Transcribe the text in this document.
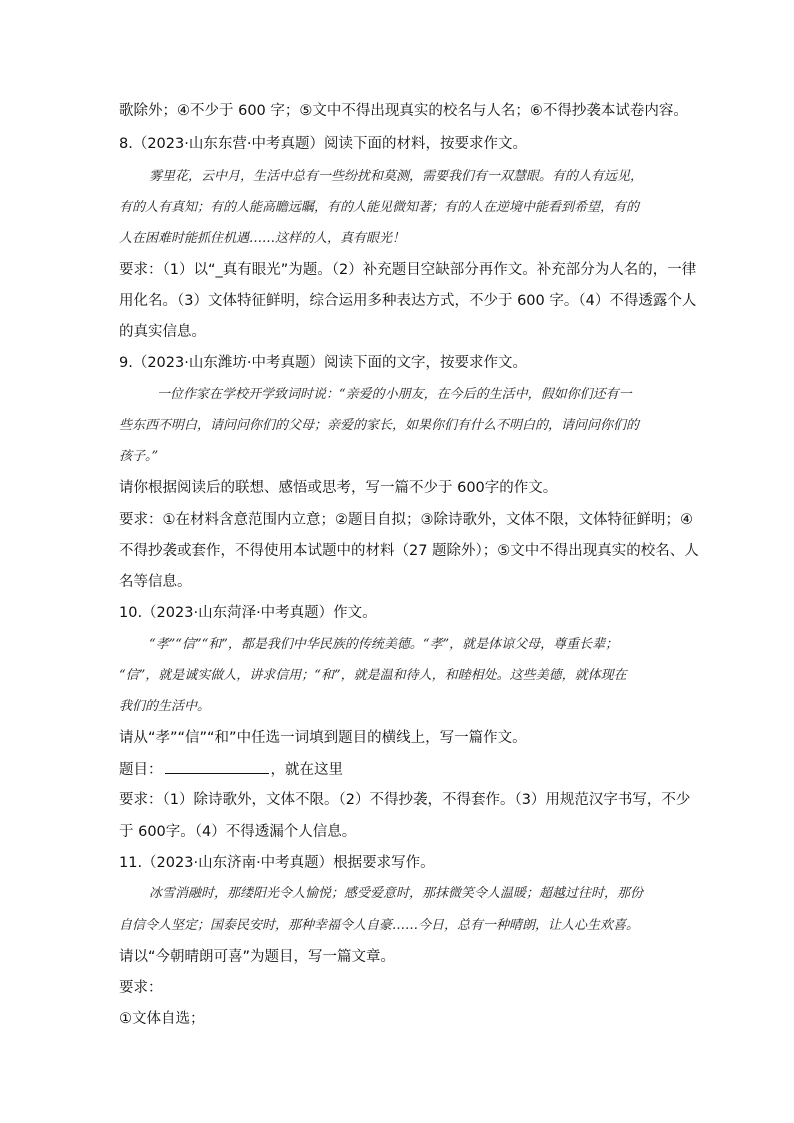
歌除外；④不少于 600 字；⑤文中不得出现真实的校名与人名；⑥不得抄袭本试卷内容。
8.（2023·山东东营·中考真题）阅读下面的材料，按要求作文。
雾里花，云中月，生活中总有一些纷扰和莫测，需要我们有一双慧眼。有的人有远见，
有的人有真知；有的人能高瞻远瞩，有的人能见微知著；有的人在逆境中能看到希望，有的
人在困难时能抓住机遇……这样的人，真有眼光！
要求：（1）以“_真有眼光”为题。（2）补充题目空缺部分再作文。补充部分为人名的，一律
用化名。（3）文体特征鲜明，综合运用多种表达方式，不少于 600 字。（4）不得透露个人
的真实信息。
9.（2023·山东潍坊·中考真题）阅读下面的文字，按要求作文。
一位作家在学校开学致词时说：“亲爱的小朋友，在今后的生活中，假如你们还有一
些东西不明白，请问问你们的父母；亲爱的家长，如果你们有什么不明白的，请问问你们的
孩子。”
请你根据阅读后的联想、感悟或思考，写一篇不少于 600字的作文。
要求：①在材料含意范围内立意；②题目自拟；③除诗歌外，文体不限，文体特征鲜明；④
不得抄袭或套作，不得使用本试题中的材料（27 题除外）；⑤文中不得出现真实的校名、人
名等信息。
10.（2023·山东菏泽·中考真题）作文。
“孝”“信”“和”，都是我们中华民族的传统美德。“孝”，就是体谅父母，尊重长辈；
“信”，就是诚实做人，讲求信用；“和”，就是温和待人，和睦相处。这些美德，就体现在
我们的生活中。
请从“孝”“信”“和”中任选一词填到题目的横线上，写一篇作文。
题目：	，就在这里
要求：（1）除诗歌外，文体不限。（2）不得抄袭，不得套作。（3）用规范汉字书写，不少
于 600字。（4）不得透漏个人信息。
11.（2023·山东济南·中考真题）根据要求写作。
冰雪消融时，那缕阳光令人愉悦；感受爱意时，那抹微笑令人温暖；超越过往时，那份
自信令人坚定；国泰民安时，那种幸福令人自豪……今日，总有一种晴朗，让人心生欢喜。
请以“今朝晴朗可喜”为题目，写一篇文章。
要求：
①文体自选；
